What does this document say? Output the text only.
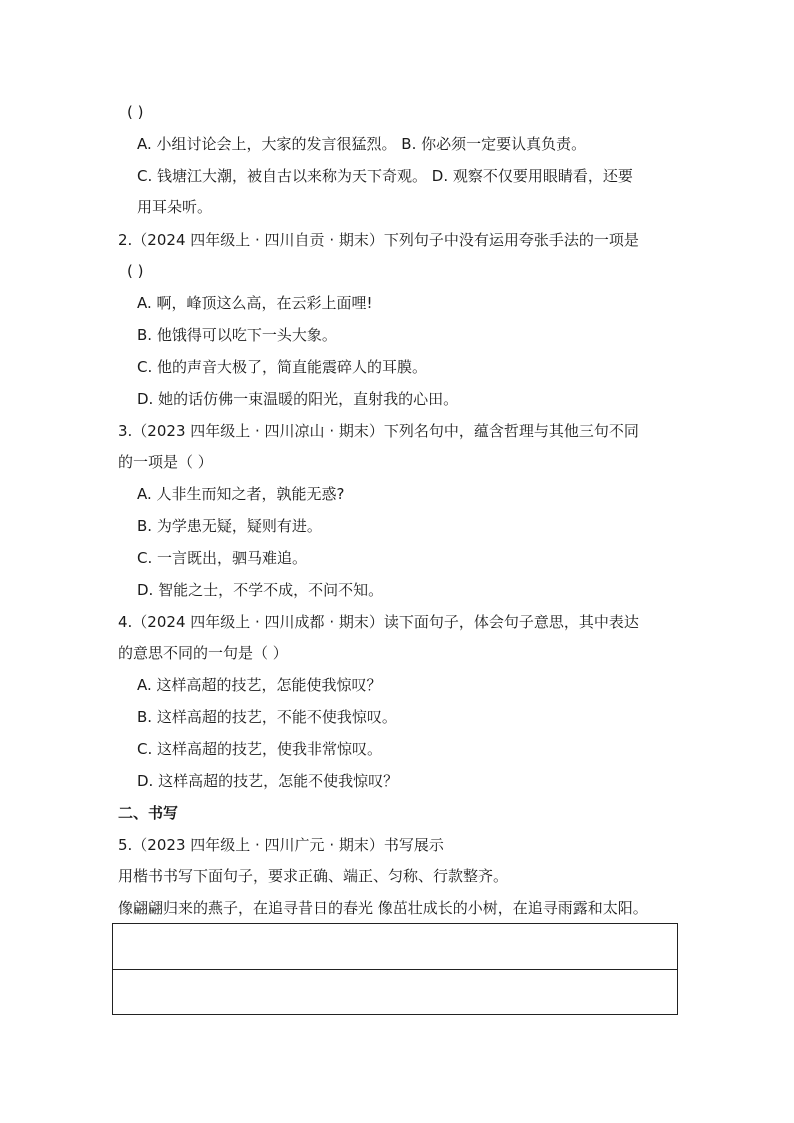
( )
A. 小组讨论会上，大家的发言很猛烈。 B. 你必须一定要认真负责。
C. 钱塘江大潮，被自古以来称为天下奇观。 D. 观察不仅要用眼睛看，还要
用耳朵听。
2.（2024 四年级上 · 四川自贡 · 期末）下列句子中没有运用夸张手法的一项是
( )
A. 啊，峰顶这么高，在云彩上面哩!
B. 他饿得可以吃下一头大象。
C. 他的声音大极了，简直能震碎人的耳膜。
D. 她的话仿佛一束温暖的阳光，直射我的心田。
3.（2023 四年级上 · 四川凉山 · 期末）下列名句中，蕴含哲理与其他三句不同
的一项是（ ）
A. 人非生而知之者，孰能无惑?
B. 为学患无疑，疑则有进。
C. 一言既出，驷马难追。
D. 智能之士，不学不成，不问不知。
4.（2024 四年级上 · 四川成都 · 期末）读下面句子，体会句子意思，其中表达
的意思不同的一句是（ ）
A. 这样高超的技艺，怎能使我惊叹？
B. 这样高超的技艺，不能不使我惊叹。
C. 这样高超的技艺，使我非常惊叹。
D. 这样高超的技艺，怎能不使我惊叹？
二、书写
5.（2023 四年级上 · 四川广元 · 期末）书写展示
用楷书书写下面句子，要求正确、端正、匀称、行款整齐。
像翩翩归来的燕子，在追寻昔日的春光 像茁壮成长的小树，在追寻雨露和太阳。
